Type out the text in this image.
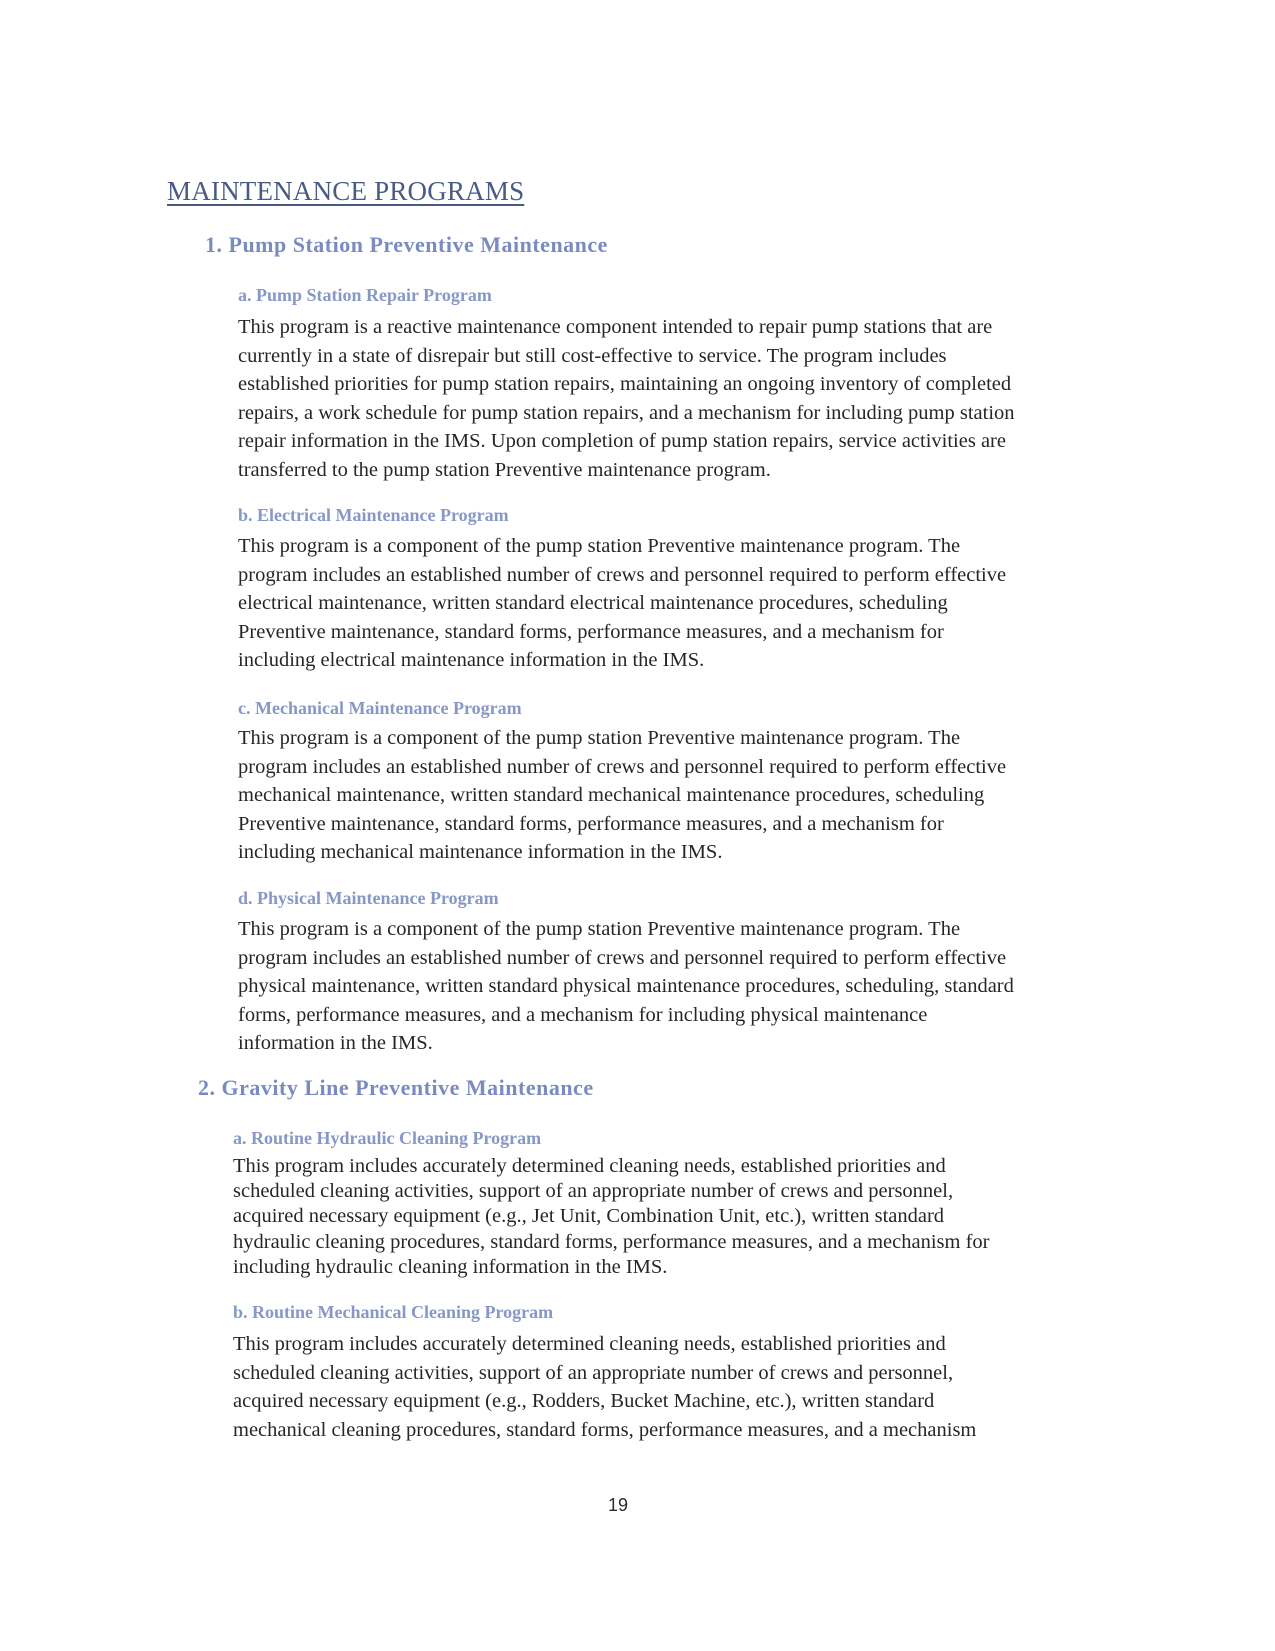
MAINTENANCE PROGRAMS
1. Pump Station Preventive Maintenance
a. Pump Station Repair Program

This program is a reactive maintenance component intended to repair pump stations that are
currently in a state of disrepair but still cost-effective to service. The program includes
established priorities for pump station repairs, maintaining an ongoing inventory of completed
repairs, a work schedule for pump station repairs, and a mechanism for including pump station
repair information in the IMS. Upon completion of pump station repairs, service activities are
transferred to the pump station Preventive maintenance program.

b. Electrical Maintenance Program

This program is a component of the pump station Preventive maintenance program. The
program includes an established number of crews and personnel required to perform effective
electrical maintenance, written standard electrical maintenance procedures, scheduling
Preventive maintenance, standard forms, performance measures, and a mechanism for
including electrical maintenance information in the IMS.

c. Mechanical Maintenance Program

This program is a component of the pump station Preventive maintenance program. The
program includes an established number of crews and personnel required to perform effective
mechanical maintenance, written standard mechanical maintenance procedures, scheduling
Preventive maintenance, standard forms, performance measures, and a mechanism for
including mechanical maintenance information in the IMS.

d. Physical Maintenance Program

This program is a component of the pump station Preventive maintenance program. The
program includes an established number of crews and personnel required to perform effective
physical maintenance, written standard physical maintenance procedures, scheduling, standard
forms, performance measures, and a mechanism for including physical maintenance
information in the IMS.

2. Gravity Line Preventive Maintenance
a. Routine Hydraulic Cleaning Program

This program includes accurately determined cleaning needs, established priorities and
scheduled cleaning activities, support of an appropriate number of crews and personnel,
acquired necessary equipment (e.g., Jet Unit, Combination Unit, etc.), written standard
hydraulic cleaning procedures, standard forms, performance measures, and a mechanism for
including hydraulic cleaning information in the IMS.

b. Routine Mechanical Cleaning Program

This program includes accurately determined cleaning needs, established priorities and
scheduled cleaning activities, support of an appropriate number of crews and personnel,
acquired necessary equipment (e.g., Rodders, Bucket Machine, etc.), written standard
mechanical cleaning procedures, standard forms, performance measures, and a mechanism

19
